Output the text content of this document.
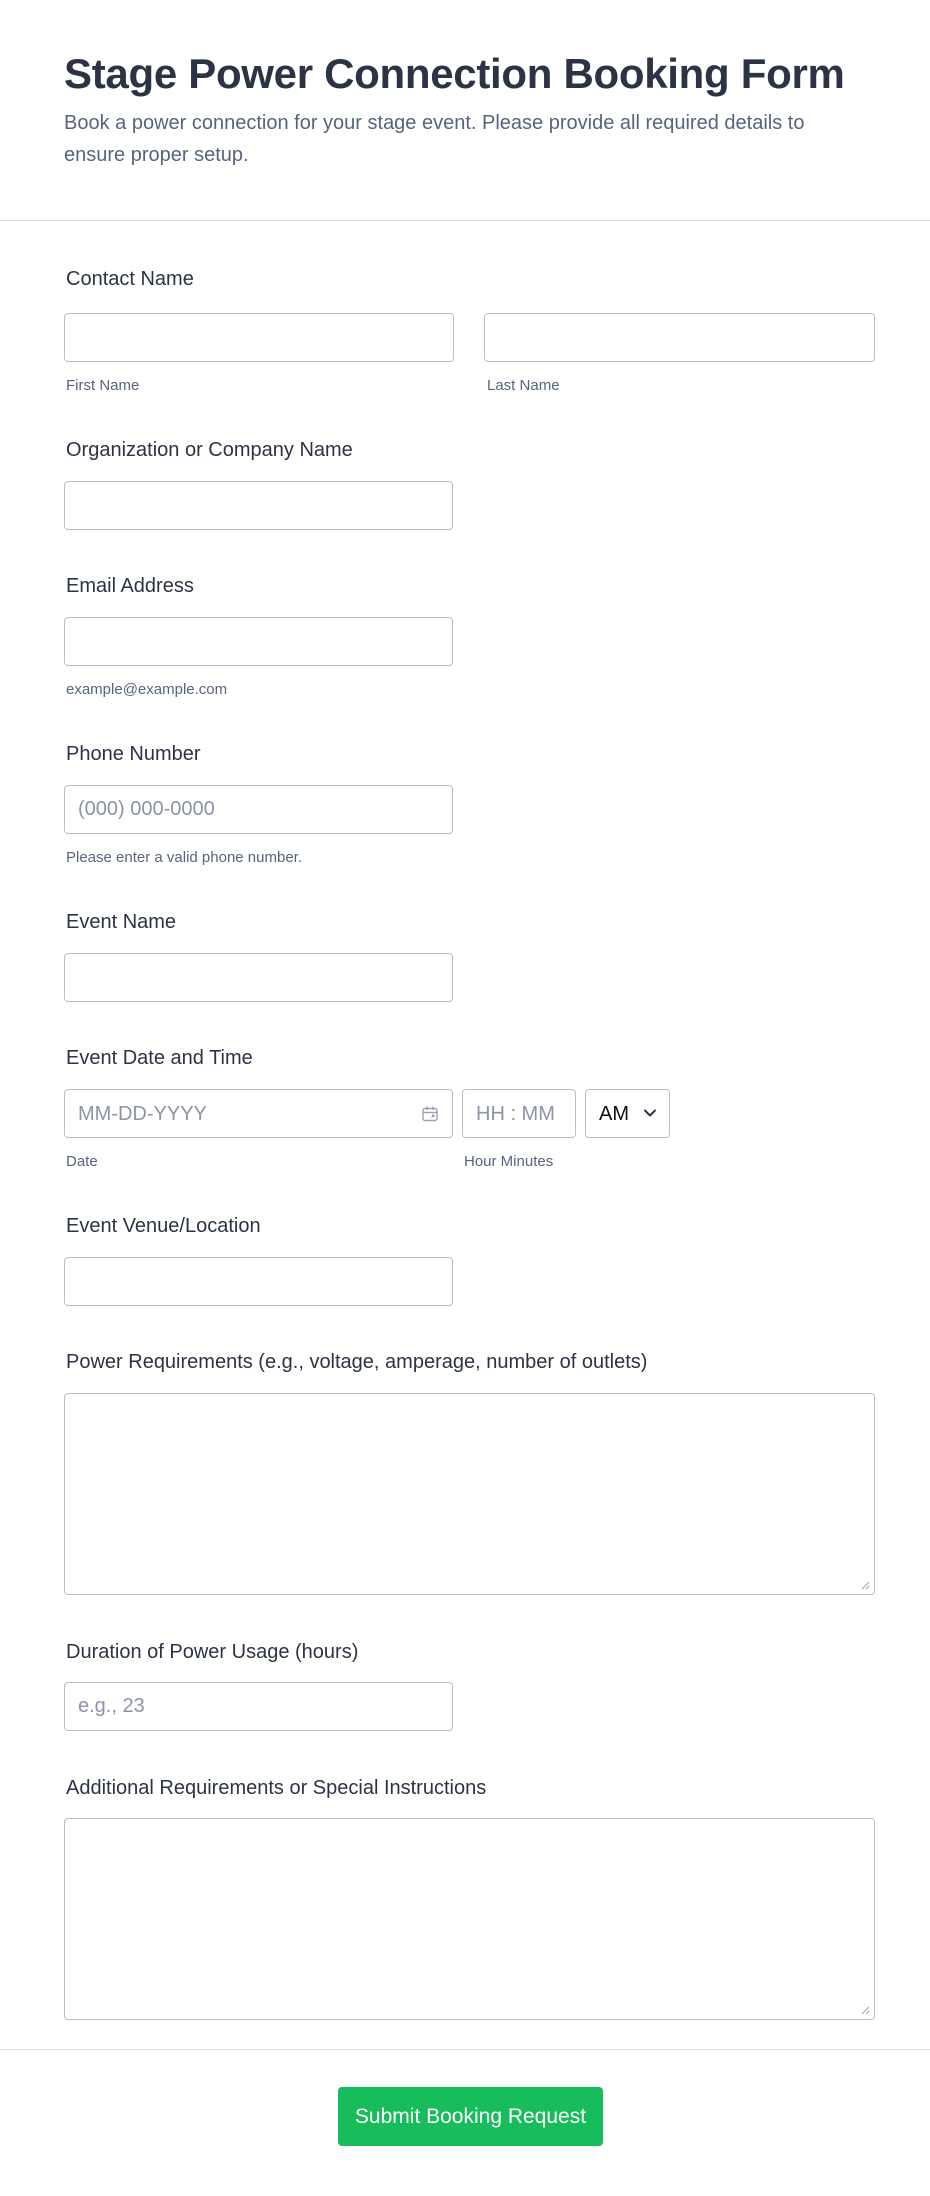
Stage Power Connection Booking Form

Book a power connection for your stage event. Please provide all required details to ensure proper setup.

Contact Name
First Name	Last Name
Organization or Company Name
Email Address
example@example.com
Phone Number
(000) 000-0000
Please enter a valid phone number.
Event Name
Event Date and Time
MM-DD-YYYY	HH : MM AM
Date	Hour Minutes
Event Venue/Location
Power Requirements (e.g., voltage, amperage, number of outlets)
Duration of Power Usage (hours)
e.g., 23
Additional Requirements or Special Instructions
Submit Booking Request
